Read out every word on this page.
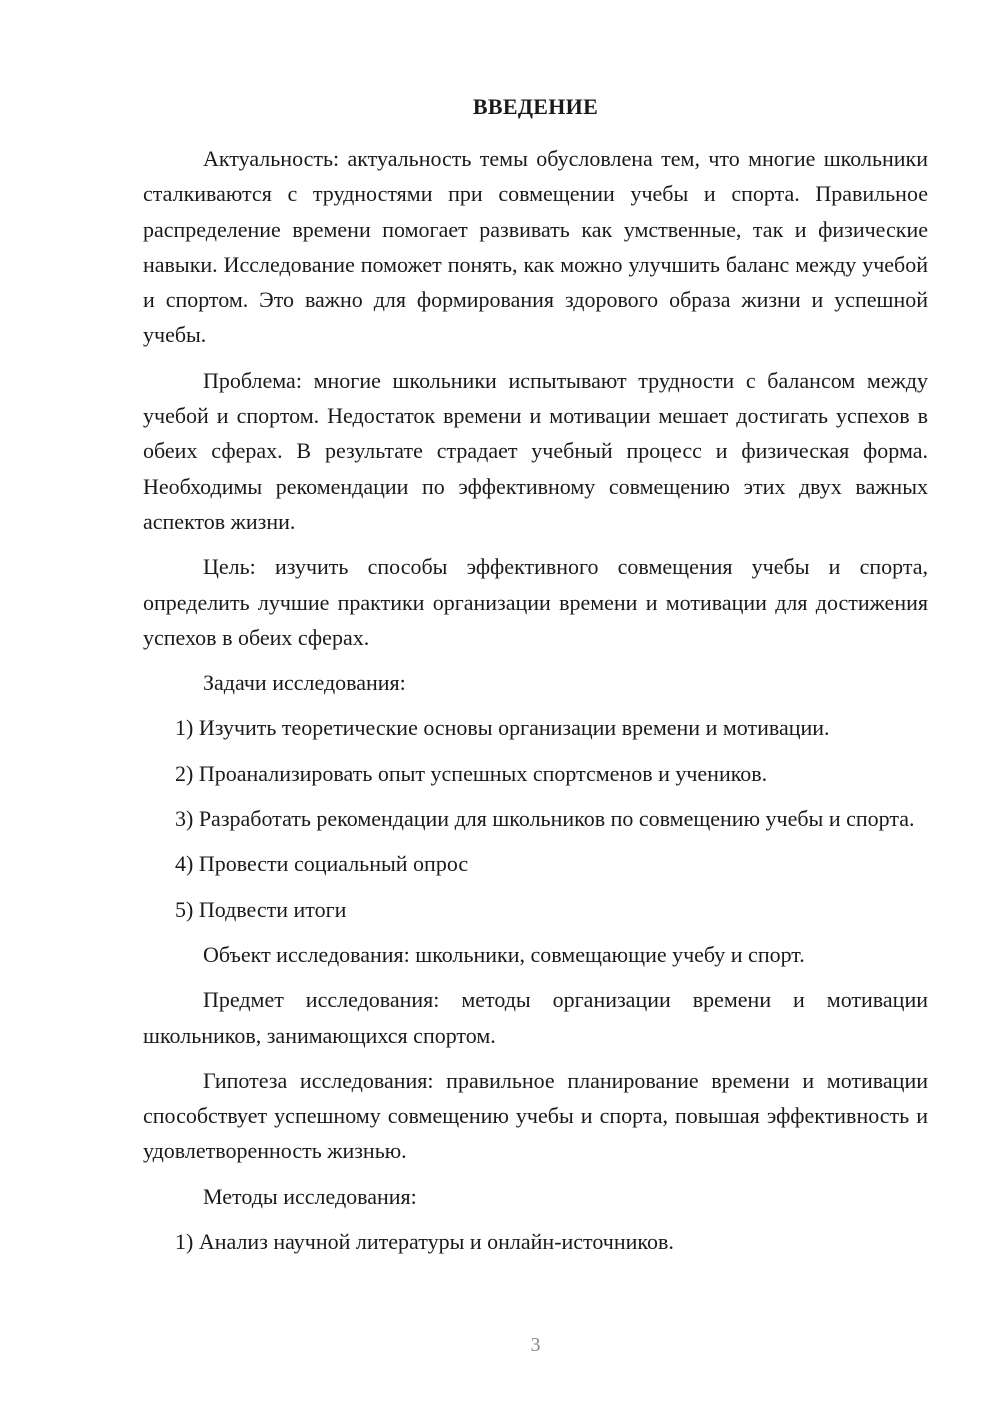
ВВЕДЕНИЕ

Актуальность: актуальность темы обусловлена тем, что многие школьники сталкиваются с трудностями при совмещении учебы и спорта. Правильное распределение времени помогает развивать как умственные, так и физические навыки. Исследование поможет понять, как можно улучшить баланс между учебой и спортом. Это важно для формирования здорового образа жизни и успешной учебы.

Проблема: многие школьники испытывают трудности с балансом между учебой и спортом. Недостаток времени и мотивации мешает достигать успехов в обеих сферах. В результате страдает учебный процесс и физическая форма. Необходимы рекомендации по эффективному совмещению этих двух важных аспектов жизни.

Цель: изучить способы эффективного совмещения учебы и спорта, определить лучшие практики организации времени и мотивации для достижения успехов в обеих сферах.

Задачи исследования:

1) Изучить теоретические основы организации времени и мотивации.

2) Проанализировать опыт успешных спортсменов и учеников.

3) Разработать рекомендации для школьников по совмещению учебы и спорта.

4) Провести социальный опрос

5) Подвести итоги

Объект исследования: школьники, совмещающие учебу и спорт.

Предмет исследования: методы организации времени и мотивации школьников, занимающихся спортом.

Гипотеза исследования: правильное планирование времени и мотивации способствует успешному совмещению учебы и спорта, повышая эффективность и удовлетворенность жизнью.

Методы исследования:

1) Анализ научной литературы и онлайн-источников.

3
